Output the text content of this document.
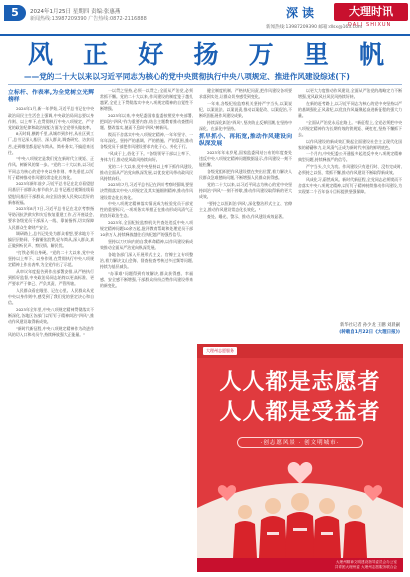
5	2024年1月25日 星期四 责编:张惠燕
新闻热线:13987209390 广告热线:0872-2116888	深读	大理时讯
DALI SHIXUN
新闻热线:13987209390 邮箱:dlsx@163.com
风 正 好 扬 万 里 帆
——党的二十大以来以习近平同志为核心的党中央贯彻执行中央八项规定、推进作风建设综述(下)
立标杆、作表率,为全党树立光辉榜样

2024年1月,新一年伊始,习近平总书记在中央政治局民主生活会上强调,中央政治局同志要以身作则、以上率下,在贯彻执行中央八项规定、严守党的政治纪律和政治规矩方面为全党带头做表率。

8天时间,横跨千里,从城市到乡村,从社区到工厂,总书记深入基层、深入群众,调查研究、访贫问苦,走到哪里都是轻车简从、简朴务实,不搞迎来送往。

"中央八项规定是我们党在新时代立规矩、正作风、树新风的第一步。"党的二十大以来,以习近平同志为核心的党中央以身作则、率先垂范,以钉钉子精神推动作风建设常态化长效化。

2023年新年前夕,习近平总书记在北京看望慰问基层干部群众;春节前夕,总书记通过视频连线看望慰问基层干部群众,向全国各族人民致以美好的新春祝福。

2023年8月7日,习近平总书记在北京考察指导防汛抗洪救灾和灾后恢复重建工作,召开座谈会,要求各级党员干部深入一线、靠前指挥,切实保障人民群众生命财产安全。

调研路上,总书记处处为群众着想,要求地方不搞层层陪同、不搞铺张浪费,轻车简从,深入群众,真正做到听民声、察民情、解民忧。

"打铁必须自身硬。"党的二十大以来,党中央坚持以上率下、以身作则,在贯彻执行中央八项规定精神上作出表率,为全党作出了示范。

从审议年度报告到作出部署安排,从严格执行到抓好监督,中央政治局同志始终以更高标准、更严要求严于律己、严负其责、严管所辖。

人民群众看在眼里、记在心里。人民群众从党中央以身作则中,感受到了我们党的坚定决心和自信。

2023年全年里,中央八项规定精神贯彻落实不断深化,各地区各部门以钉钉子精神纠治"四风",推动作风建设取得新成效。

"新时代新征程,中央八项规定精神作为改进作风的切入口和动员令,持续释放强大正能量。"

一以贯之坚持,必须一以贯之;全面从严治党,必须常抓不懈。党的二十大以来,作风建设的制度笼子越扎越紧,全党上下贯彻落实中央八项规定精神的自觉性不断增强。

2023年以来,中央纪委国家监委按照党中央部署,把纠治"四风"作为重要内容,结合主题教育推动查摆问题、整改落实,驰而不息纠"四风"树新风。

锲而不舍落实中央八项规定精神,一年年坚守、一年年深化。坚持严的基调、严的措施、严的氛围,推动各级党员干部把作风建设要求内化于心、外化于行。

"风成于上,俗化于下。"各级领导干部以上率下、身体力行,推动党风政风持续向好。

党的二十大以来,党中央坚持以上率下抓作风建设,推动全面从严治党向纵深发展,以优良党风带动政风民风持续向好。

2023年7月,习近平总书记在四川考察时强调,要坚决贯彻落实中央八项规定及其实施细则精神,推动作风建设常态化长效化。

中央八项规定精神落实情况成为检验党员干部党性的重要标尺,一项项务实举措正在推动形成风清气正的良好政治生态。

2023年,全国纪检监察机关共查处违反中央八项规定精神问题10余万起,批评教育帮助和处理党员干部10余万人,持续释放越往后执纪越严的强烈信号。

坚持以刀刃向内的自我革命精神,以作风建设新成效推动全面从严治党向纵深发展。

各地各部门深入开展形式主义、官僚主义专项整治,着力解决文山会海、督查检查考核过多过频等问题,持续为基层减负。

"办事难"问题得到有效解决,群众获得感、幸福感、安全感不断增强,干部群众纷纷点赞作风建设带来的新变化。

健全制度机制、严格执纪问责,把作风建设各项要求落到实处,让群众切身感受到变化。

一年来,各级纪检监察机关坚持严字当头,以案说纪、以案说法、以案说责,推动以案促改、以案促治,不断巩固拓展作风建设成果。

持续深化纠治"四风",坚决防止反弹回潮,在坚持中深化、在深化中坚持。

抓早抓小、再拓宽,推动作风建设向纵深发展

2023年年末岁尾,国家监委网站公布的年度查处违反中央八项规定精神问题数据显示,作风建设一刻不能松懈。

各级党组织把作风建设摆在突出位置,着力解决人民群众急难愁盼问题,不断增强人民群众获得感。

党的二十大以来,以习近平同志为核心的党中央坚持纠治"四风"一刻不停歇,推动作风建设取得新的更大成效。

"要持之以恒纠治'四风',深化整治形式主义、官僚主义,推动作风建设常态化长效化。"

查处、曝光、警示、推动,作风建设成效显著。

以更大力度推动作风建设,全面从严治党的战略定力不断增强,党风政风社风民风持续好转。

在新的赶考路上,以习近平同志为核心的党中央坚持以严的基调强化正风肃纪,以优良作风凝聚起奋进新征程的强大力量。

"全面从严治党永远在路上。"新征程上,全党必须把中央八项规定精神作为长期有效的铁规矩、硬杠杠,坚持不懈抓下去。

以作风建设的新成效汇聚起全面建设社会主义现代化国家的磅礴伟力,让风清气正成为新时代中国的鲜明底色。

一个月内,中央纪委公开通报多起违反中央八项规定精神典型问题,持续释放严的信号。

严字当头,久久为功。作风建设只有进行时、没有完成时,必须持之以恒、常抓不懈,推动作风建设不断取得新成效。

风成化习,蔚然成风。新时代新征程,全党同志必须锲而不舍落实中央八项规定精神,以钉钉子精神持续推动作风建设,为实现第二个百年奋斗目标提供坚强保障。

新华社记者 孙少龙 王鹏 刘晨嗣
(转载自1月22日《大理日报》)
大理州志愿服务
人人都是志愿者
人人都是受益者
·创志愿风景 · 创文明城市·
大理州精神文明建设指导委员会办公室
共青团大理州委 大理州志愿服务联合会
